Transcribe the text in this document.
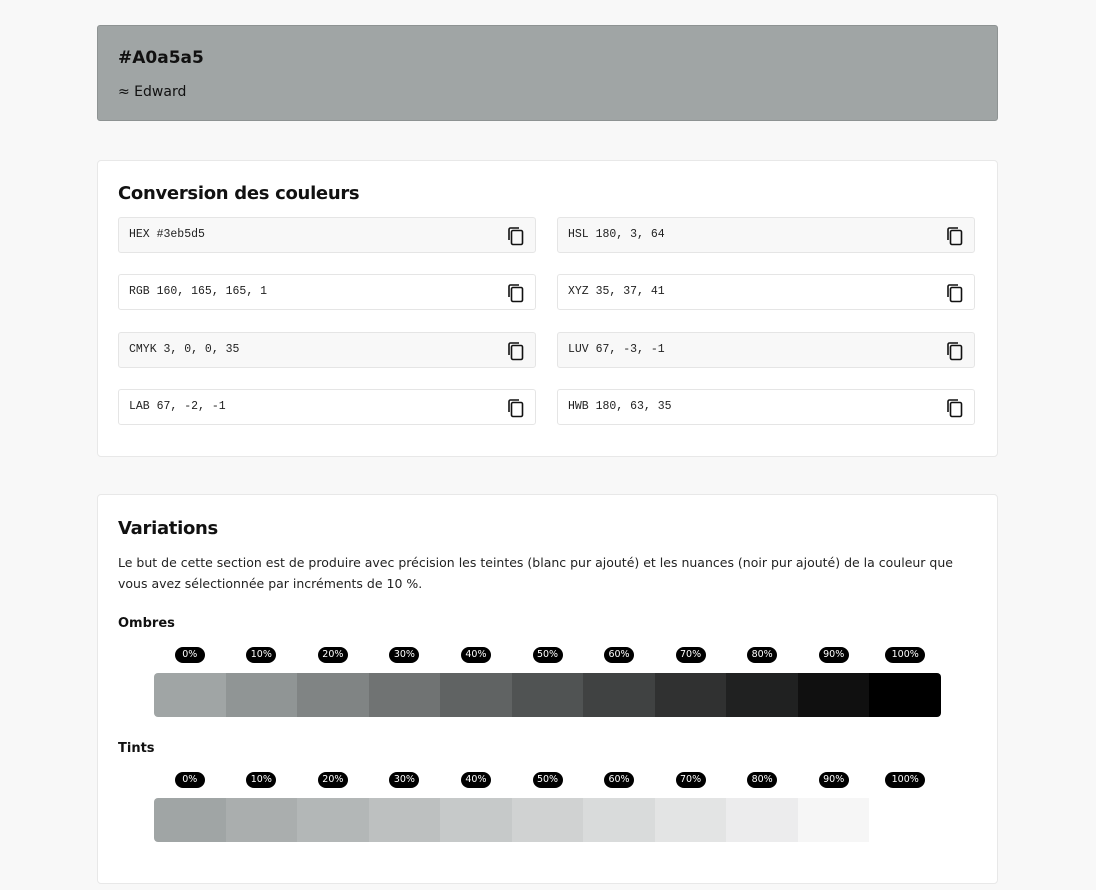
#A0a5a5
≈ Edward
Conversion des couleurs
HEX #3eb5d5	HSL 180, 3, 64
RGB 160, 165, 165, 1	XYZ 35, 37, 41
CMYK 3, 0, 0, 35	LUV 67, -3, -1
LAB 67, -2, -1	HWB 180, 63, 35
Variations
Le but de cette section est de produire avec précision les teintes (blanc pur ajouté) et les nuances (noir pur ajouté) de la couleur que vous avez sélectionnée par incréments de 10 %.
Ombres
0%	10%	20%	30%	40%	50%	60%	70%	80%	90%	100%
Tints
0%	10%	20%	30%	40%	50%	60%	70%	80%	90%	100%
